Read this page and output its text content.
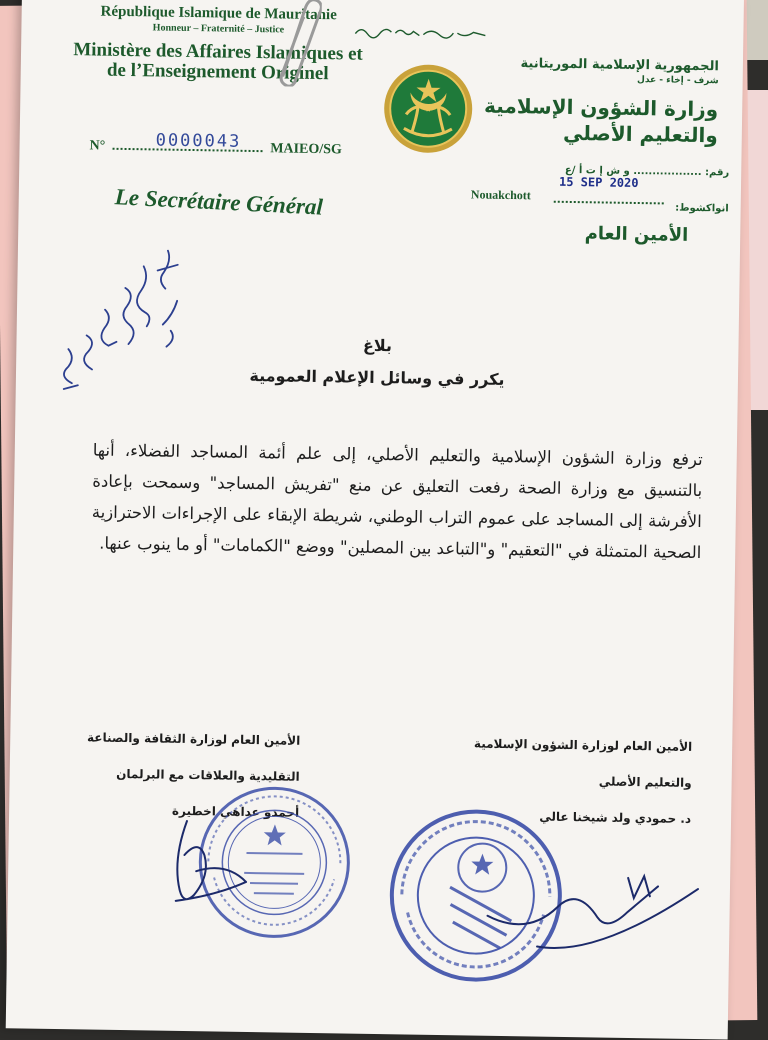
République Islamique de Mauritanie
Honneur – Fraternité – Justice
Ministère des Affaires Islamiques et de l’Enseignement Originel	الجمهورية الإسلامية الموريتانية
شرف - إخاء - عدل
وزارة الشؤون الإسلامية والتعليم الأصلي
N°	0000043 MAIEO/SG
رقم: .................. و ش إ ت أ /ع
15 SEP 2020
Nouakchott
انواكشوط:
Le Secrétaire Général
الأمين العام
بلاغ
يكرر في وسائل الإعلام العمومية
ترفع وزارة الشؤون الإسلامية والتعليم الأصلي، إلى علم أئمة المساجد الفضلاء، أنها بالتنسيق مع وزارة الصحة رفعت التعليق عن منع "تفريش المساجد" وسمحت بإعادة الأفرشة إلى المساجد على عموم التراب الوطني، شريطة الإبقاء على الإجراءات الاحترازية الصحية المتمثلة في "التعقيم" و"التباعد بين المصلين" ووضع "الكمامات" أو ما ينوب عنها.
الأمين العام لوزارة الشؤون الإسلامية
والتعليم الأصلي
د. حمودي ولد شيخنا عالي
الأمين العام لوزارة الثقافة والصناعة
التقليدية والعلاقات مع البرلمان
أحمدو عداهي اخطيرة
